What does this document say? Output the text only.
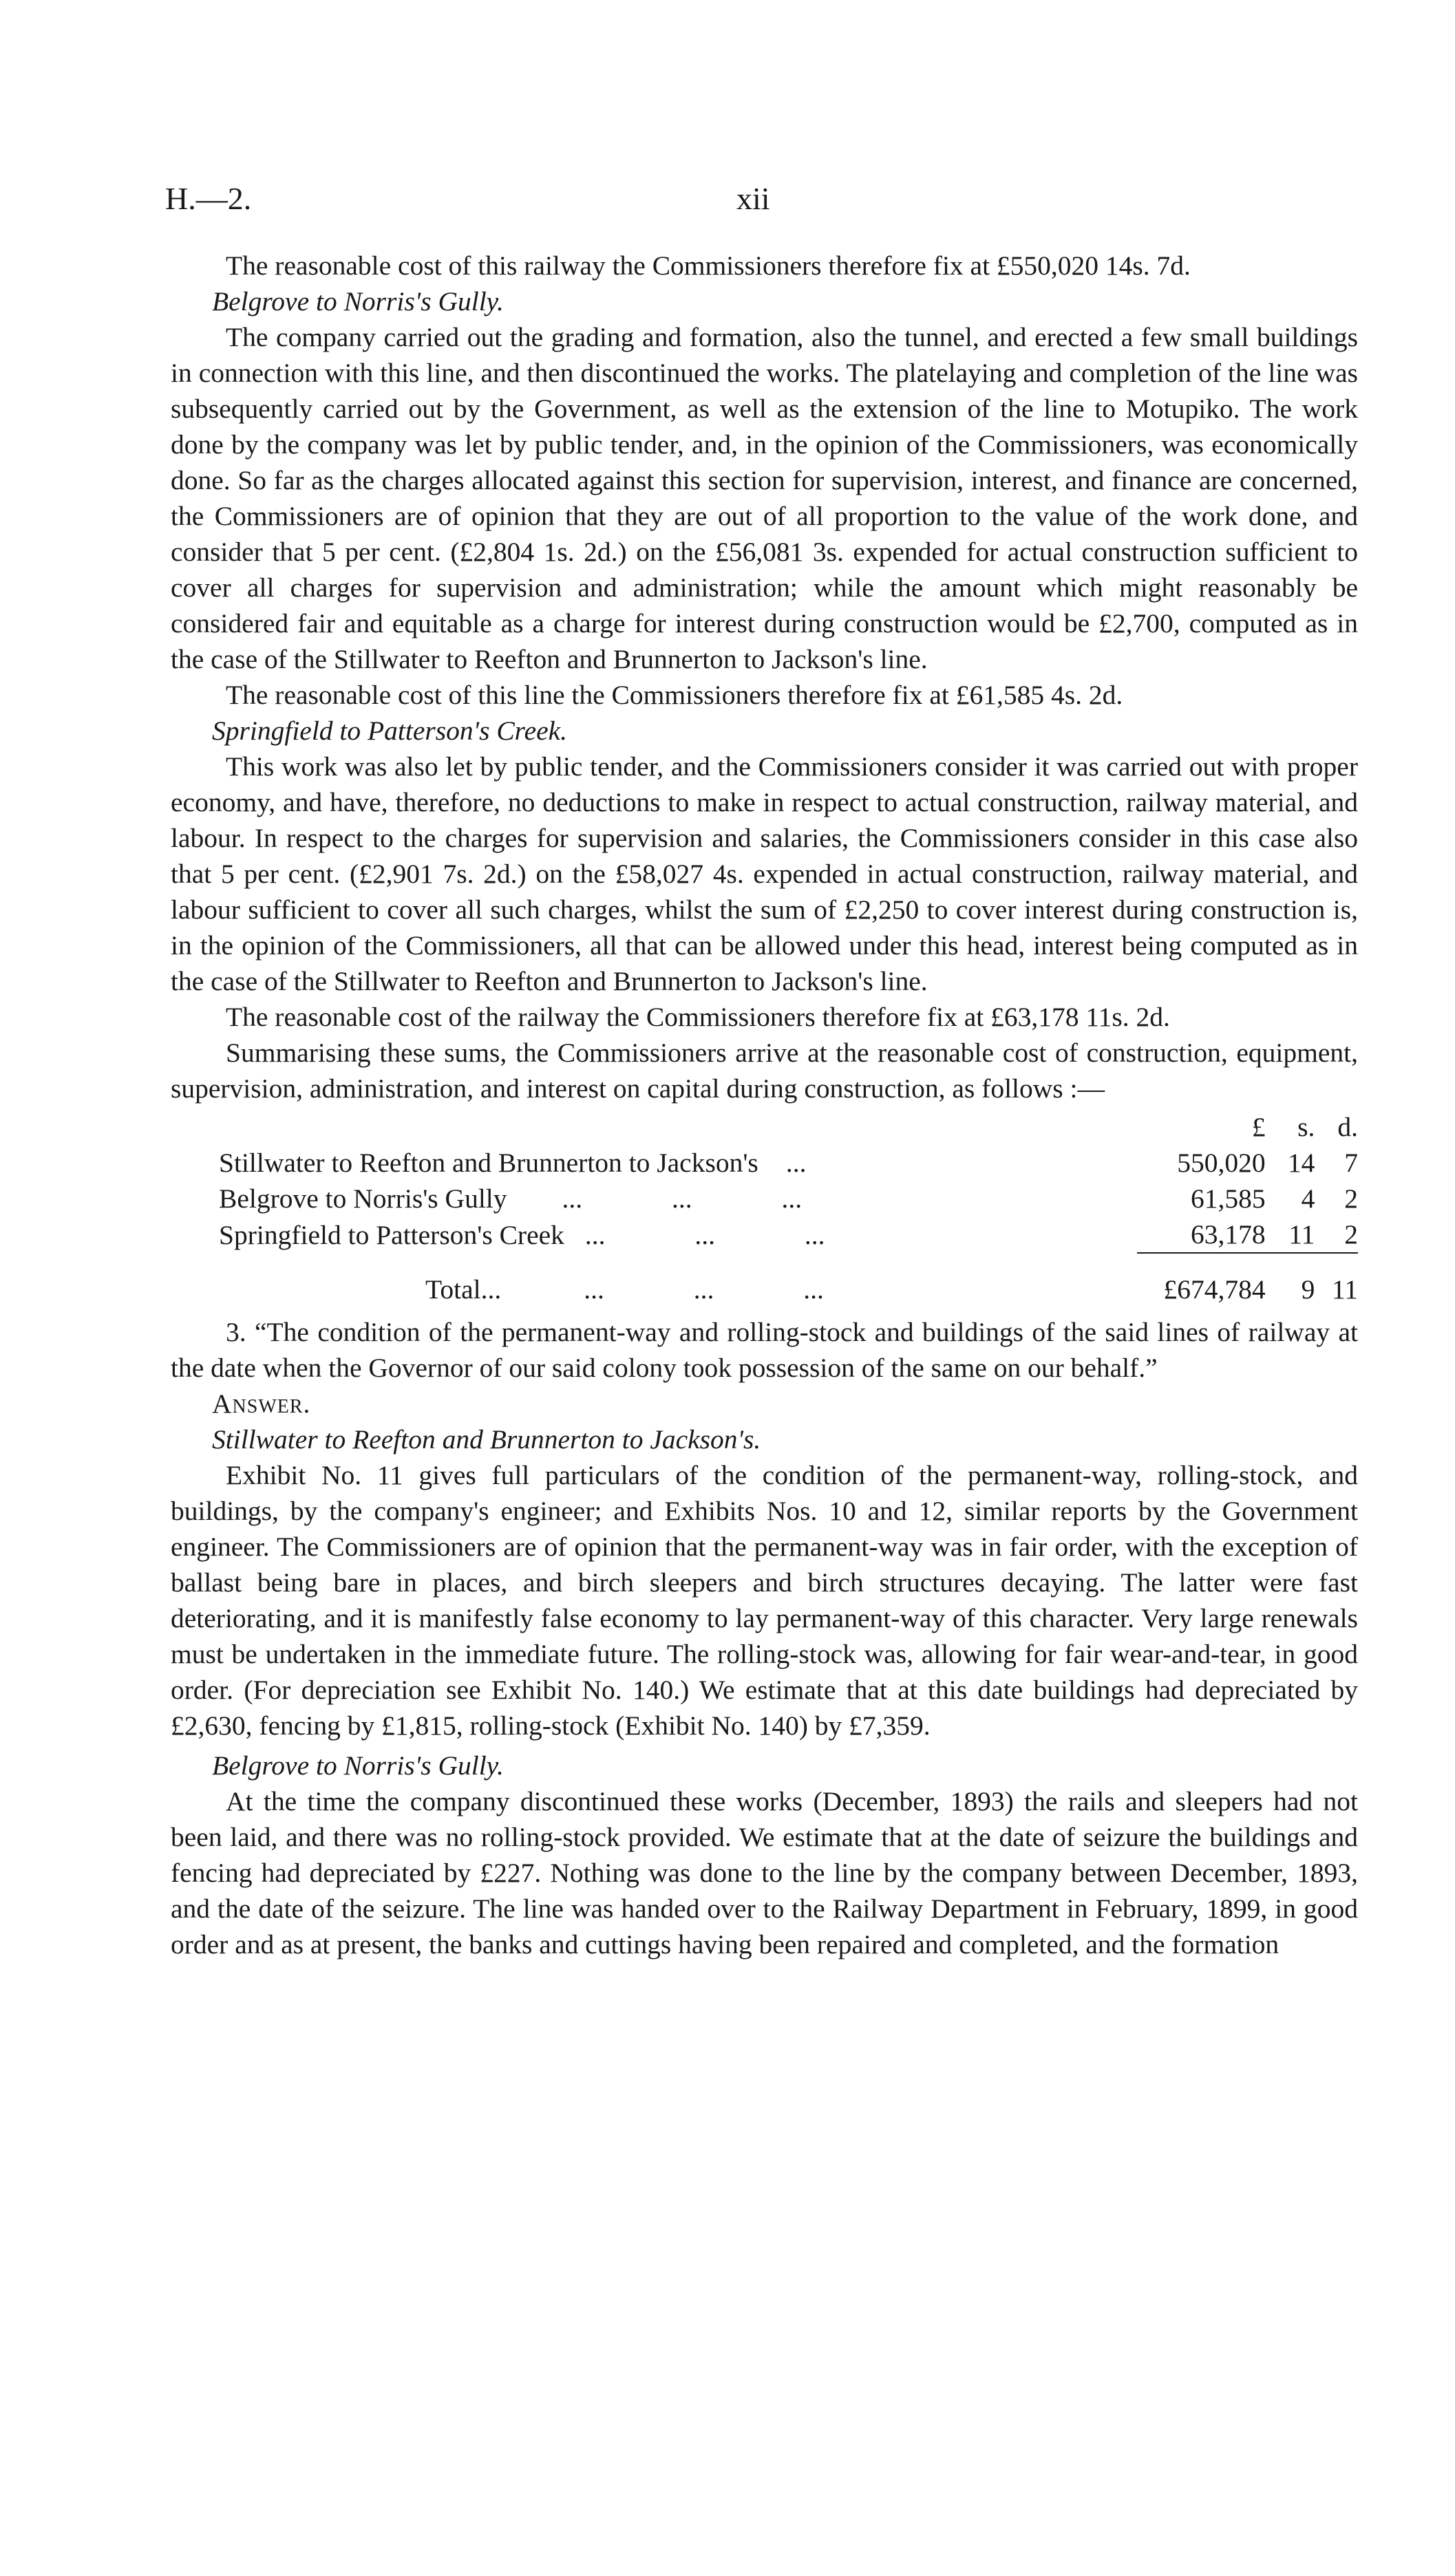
H.—2.	xii

The reasonable cost of this railway the Commissioners therefore fix at £550,020 14s. 7d.

Belgrove to Norris's Gully.

The company carried out the grading and formation, also the tunnel, and erected a few small buildings in connection with this line, and then discontinued the works. The platelaying and completion of the line was subsequently carried out by the Government, as well as the extension of the line to Motupiko. The work done by the company was let by public tender, and, in the opinion of the Commissioners, was economically done. So far as the charges allocated against this section for supervision, interest, and finance are concerned, the Commissioners are of opinion that they are out of all proportion to the value of the work done, and consider that 5 per cent. (£2,804 1s. 2d.) on the £56,081 3s. expended for actual construction sufficient to cover all charges for supervision and administration; while the amount which might reasonably be considered fair and equitable as a charge for interest during construction would be £2,700, computed as in the case of the Stillwater to Reefton and Brunnerton to Jackson's line.

The reasonable cost of this line the Commissioners therefore fix at £61,585 4s. 2d.

Springfield to Patterson's Creek.

This work was also let by public tender, and the Commissioners consider it was carried out with proper economy, and have, therefore, no deductions to make in respect to actual construction, railway material, and labour. In respect to the charges for supervision and salaries, the Commissioners consider in this case also that 5 per cent. (£2,901 7s. 2d.) on the £58,027 4s. expended in actual construction, railway material, and labour sufficient to cover all such charges, whilst the sum of £2,250 to cover interest during construction is, in the opinion of the Commissioners, all that can be allowed under this head, interest being computed as in the case of the Stillwater to Reefton and Brunnerton to Jackson's line.

The reasonable cost of the railway the Commissioners therefore fix at £63,178 11s. 2d.

Summarising these sums, the Commissioners arrive at the reasonable cost of construction, equipment, supervision, administration, and interest on capital during construction, as follows :—

		£	s.	d.
Stillwater to Reefton and Brunnerton to Jackson's ...		550,020	14	7
Belgrove to Norris's Gully ... ... ...		61,585	4	2
Springfield to Patterson's Creek ... ... ...		63,178	11	2

Total... ... ... ...		£674,784	9	11

3. “The condition of the permanent-way and rolling-stock and buildings of the said lines of railway at the date when the Governor of our said colony took possession of the same on our behalf.”

Answer.

Stillwater to Reefton and Brunnerton to Jackson's.

Exhibit No. 11 gives full particulars of the condition of the permanent-way, rolling-stock, and buildings, by the company's engineer; and Exhibits Nos. 10 and 12, similar reports by the Government engineer. The Commissioners are of opinion that the permanent-way was in fair order, with the exception of ballast being bare in places, and birch sleepers and birch structures decaying. The latter were fast deteriorating, and it is manifestly false economy to lay permanent-way of this character. Very large renewals must be undertaken in the immediate future. The rolling-stock was, allowing for fair wear-and-tear, in good order. (For depreciation see Exhibit No. 140.) We estimate that at this date buildings had depreciated by £2,630, fencing by £1,815, rolling-stock (Exhibit No. 140) by £7,359.

Belgrove to Norris's Gully.

At the time the company discontinued these works (December, 1893) the rails and sleepers had not been laid, and there was no rolling-stock provided. We estimate that at the date of seizure the buildings and fencing had depreciated by £227. Nothing was done to the line by the company between December, 1893, and the date of the seizure. The line was handed over to the Railway Department in February, 1899, in good order and as at present, the banks and cuttings having been repaired and completed, and the formation
